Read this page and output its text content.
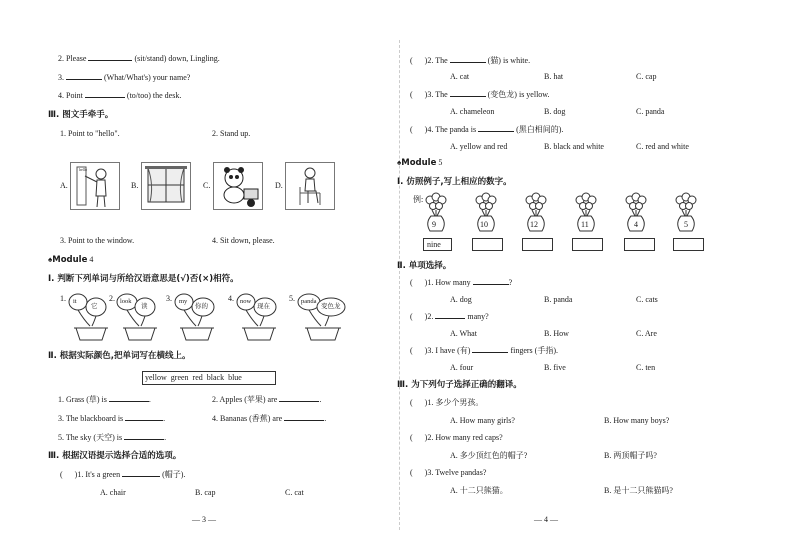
2. Please	(sit/stand) down, Lingling.
3.	(What/What's) your name?
4. Point	(to/too) the desk.
Ⅲ. 图文手牵手。
1. Point to "hello".	2. Stand up.
A.
hello
B.	C.	D.
3. Point to the window.	4. Sit down, please.
♠Module 4
Ⅰ. 判断下列单词与所给汉语意思是(√)否(×)相符。
1. it
它
2. look
读
3. my
你的
4. now
现在
5. panda
变色龙
Ⅱ. 根据实际颜色,把单词写在横线上。
yellow  green  red  black  blue
1. Grass (草) is	.	2. Apples (苹果) are	.
3. The blackboard is	.	4. Bananas (香蕉) are	.
5. The sky (天空) is	.
Ⅲ. 根据汉语提示选择合适的选项。
( )1. It's a green	(帽子).
A. chair	B. cap	C. cat
— 3 —
( )2. The	(猫) is white.
A. cat	B. hat	C. cap
( )3. The	(变色龙) is yellow.
A. chameleon	B. dog	C. panda
( )4. The panda is	(黑白相间的).
A. yellow and red	B. black and white	C. red and white
♠Module 5
Ⅰ. 仿照例子,写上相应的数字。
例:
9	10	12	11	4	5
nine
Ⅱ. 单项选择。
( )1. How many	?
A. dog	B. panda	C. cats
( )2.	many?
A. What	B. How	C. Are
( )3. I have (有)	fingers (手指).
A. four	B. five	C. ten
Ⅲ. 为下列句子选择正确的翻译。
( )1. 多少个男孩。
A. How many girls?	B. How many boys?
( )2. How many red caps?
A. 多少顶红色的帽子?	B. 两顶帽子吗?
( )3. Twelve pandas?
A. 十二只熊猫。	B. 是十二只熊猫吗?
— 4 —
